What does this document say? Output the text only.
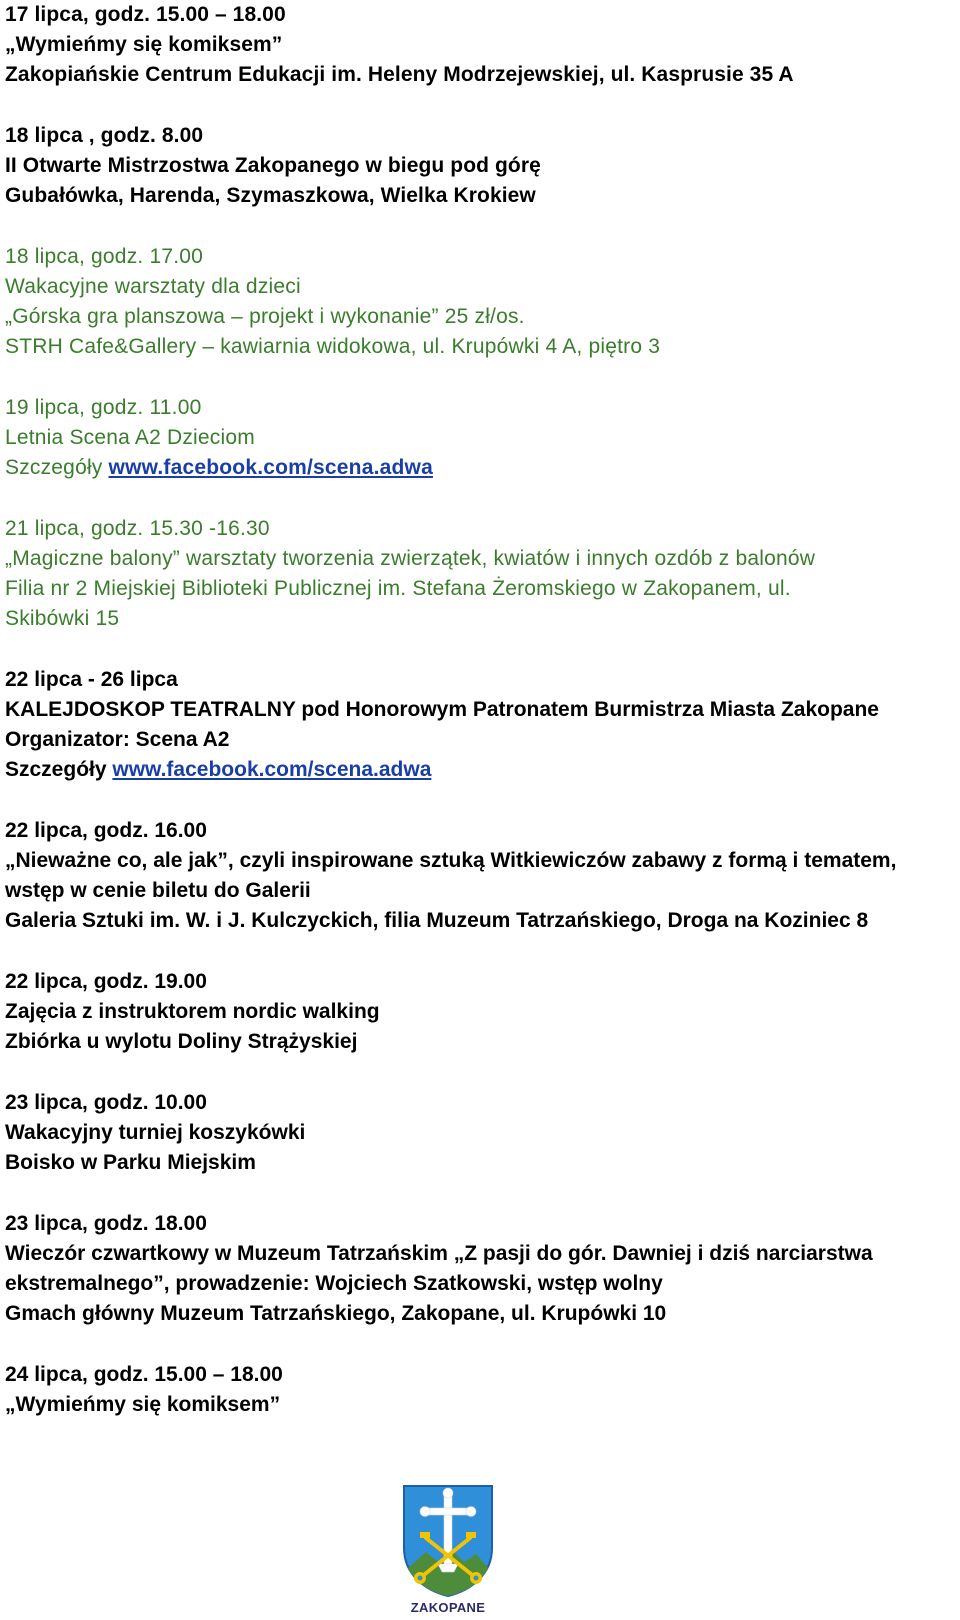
17 lipca, godz. 15.00 – 18.00
„Wymieńmy się komiksem”
Zakopiańskie Centrum Edukacji im. Heleny Modrzejewskiej, ul. Kasprusie 35 A
18 lipca , godz. 8.00
II Otwarte Mistrzostwa Zakopanego w biegu pod górę
Gubałówka, Harenda, Szymaszkowa, Wielka Krokiew
18 lipca, godz. 17.00
Wakacyjne warsztaty dla dzieci
„Górska gra planszowa – projekt i wykonanie” 25 zł/os.
STRH Cafe&Gallery – kawiarnia widokowa, ul. Krupówki 4 A, piętro 3
19 lipca, godz. 11.00
Letnia Scena A2 Dzieciom
Szczegóły www.facebook.com/scena.adwa
21 lipca, godz. 15.30 -16.30
„Magiczne balony” warsztaty tworzenia zwierzątek, kwiatów i innych ozdób z balonów
Filia nr 2 Miejskiej Biblioteki Publicznej im. Stefana Żeromskiego w Zakopanem, ul.
Skibówki 15
22 lipca - 26 lipca
KALEJDOSKOP TEATRALNY pod Honorowym Patronatem Burmistrza Miasta Zakopane
Organizator: Scena A2
Szczegóły www.facebook.com/scena.adwa
22 lipca, godz. 16.00
„Nieważne co, ale jak”, czyli inspirowane sztuką Witkiewiczów zabawy z formą i tematem,
wstęp w cenie biletu do Galerii
Galeria Sztuki im. W. i J. Kulczyckich, filia Muzeum Tatrzańskiego, Droga na Koziniec 8
22 lipca, godz. 19.00
Zajęcia z instruktorem nordic walking
Zbiórka u wylotu Doliny Strążyskiej
23 lipca, godz. 10.00
Wakacyjny turniej koszykówki
Boisko w Parku Miejskim
23 lipca, godz. 18.00
Wieczór czwartkowy w Muzeum Tatrzańskim „Z pasji do gór. Dawniej i dziś narciarstwa
ekstremalnego”, prowadzenie: Wojciech Szatkowski, wstęp wolny
Gmach główny Muzeum Tatrzańskiego, Zakopane, ul. Krupówki 10
24 lipca, godz. 15.00 – 18.00
„Wymieńmy się komiksem”
ZAKOPANE
